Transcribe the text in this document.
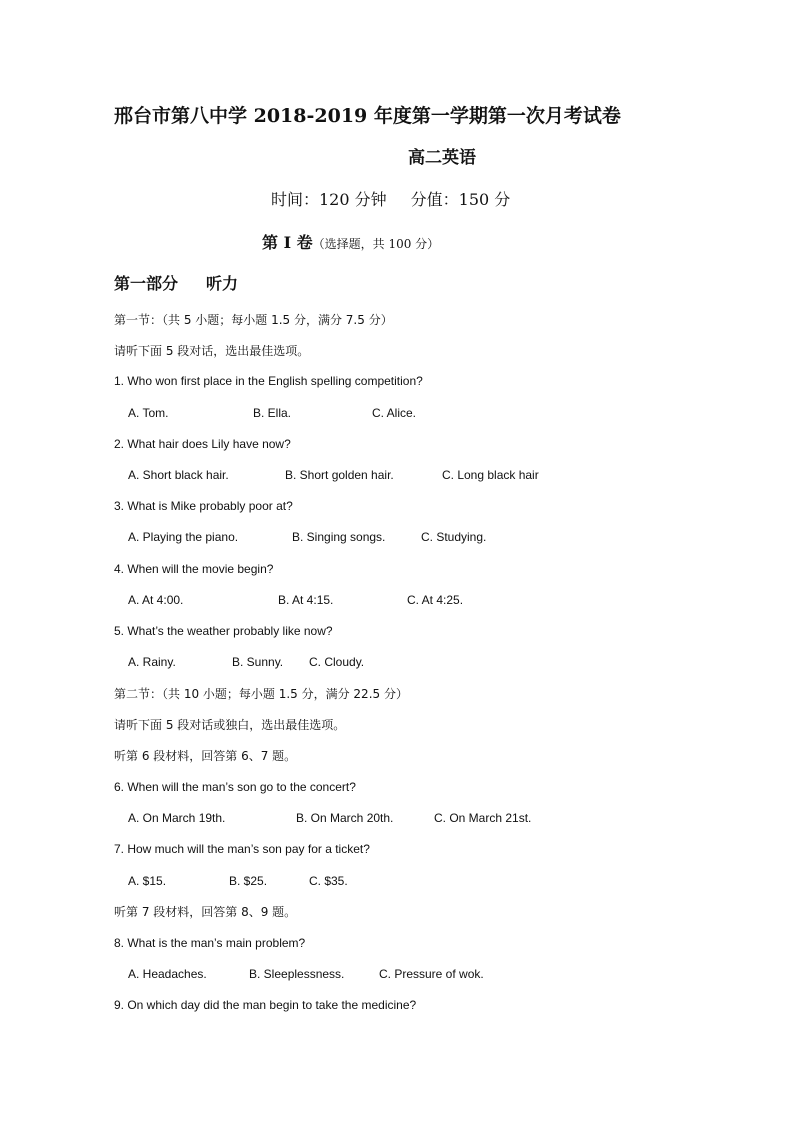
邢台市第八中学 2018-2019 年度第一学期第一次月考试卷
高二英语
时间：120 分钟 分值：150 分
第 I 卷（选择题，共 100 分）
第一部分 听力
第一节：（共 5 小题；每小题 1.5 分，满分 7.5 分）
请听下面 5 段对话，选出最佳选项。
1. Who won first place in the English spelling competition?
A. Tom.	B. Ella.	C. Alice.
2. What hair does Lily have now?
A. Short black hair.	B. Short golden hair.	C. Long black hair
3. What is Mike probably poor at?
A. Playing the piano.	B. Singing songs.	C. Studying.
4. When will the movie begin?
A. At 4:00.	B. At 4:15.	C. At 4:25.
5. What’s the weather probably like now?
A. Rainy.	B. Sunny. C. Cloudy.
第二节：（共 10 小题；每小题 1.5 分，满分 22.5 分）
请听下面 5 段对话或独白，选出最佳选项。
听第 6 段材料，回答第 6、7 题。
6. When will the man’s son go to the concert?
A. On March 19th.	B. On March 20th.	C. On March 21st.
7. How much will the man’s son pay for a ticket?
A. $15.	B. $25.	C. $35.
听第 7 段材料，回答第 8、9 题。
8. What is the man’s main problem?
A. Headaches.	B. Sleeplessness.	C. Pressure of wok.
9. On which day did the man begin to take the medicine?
